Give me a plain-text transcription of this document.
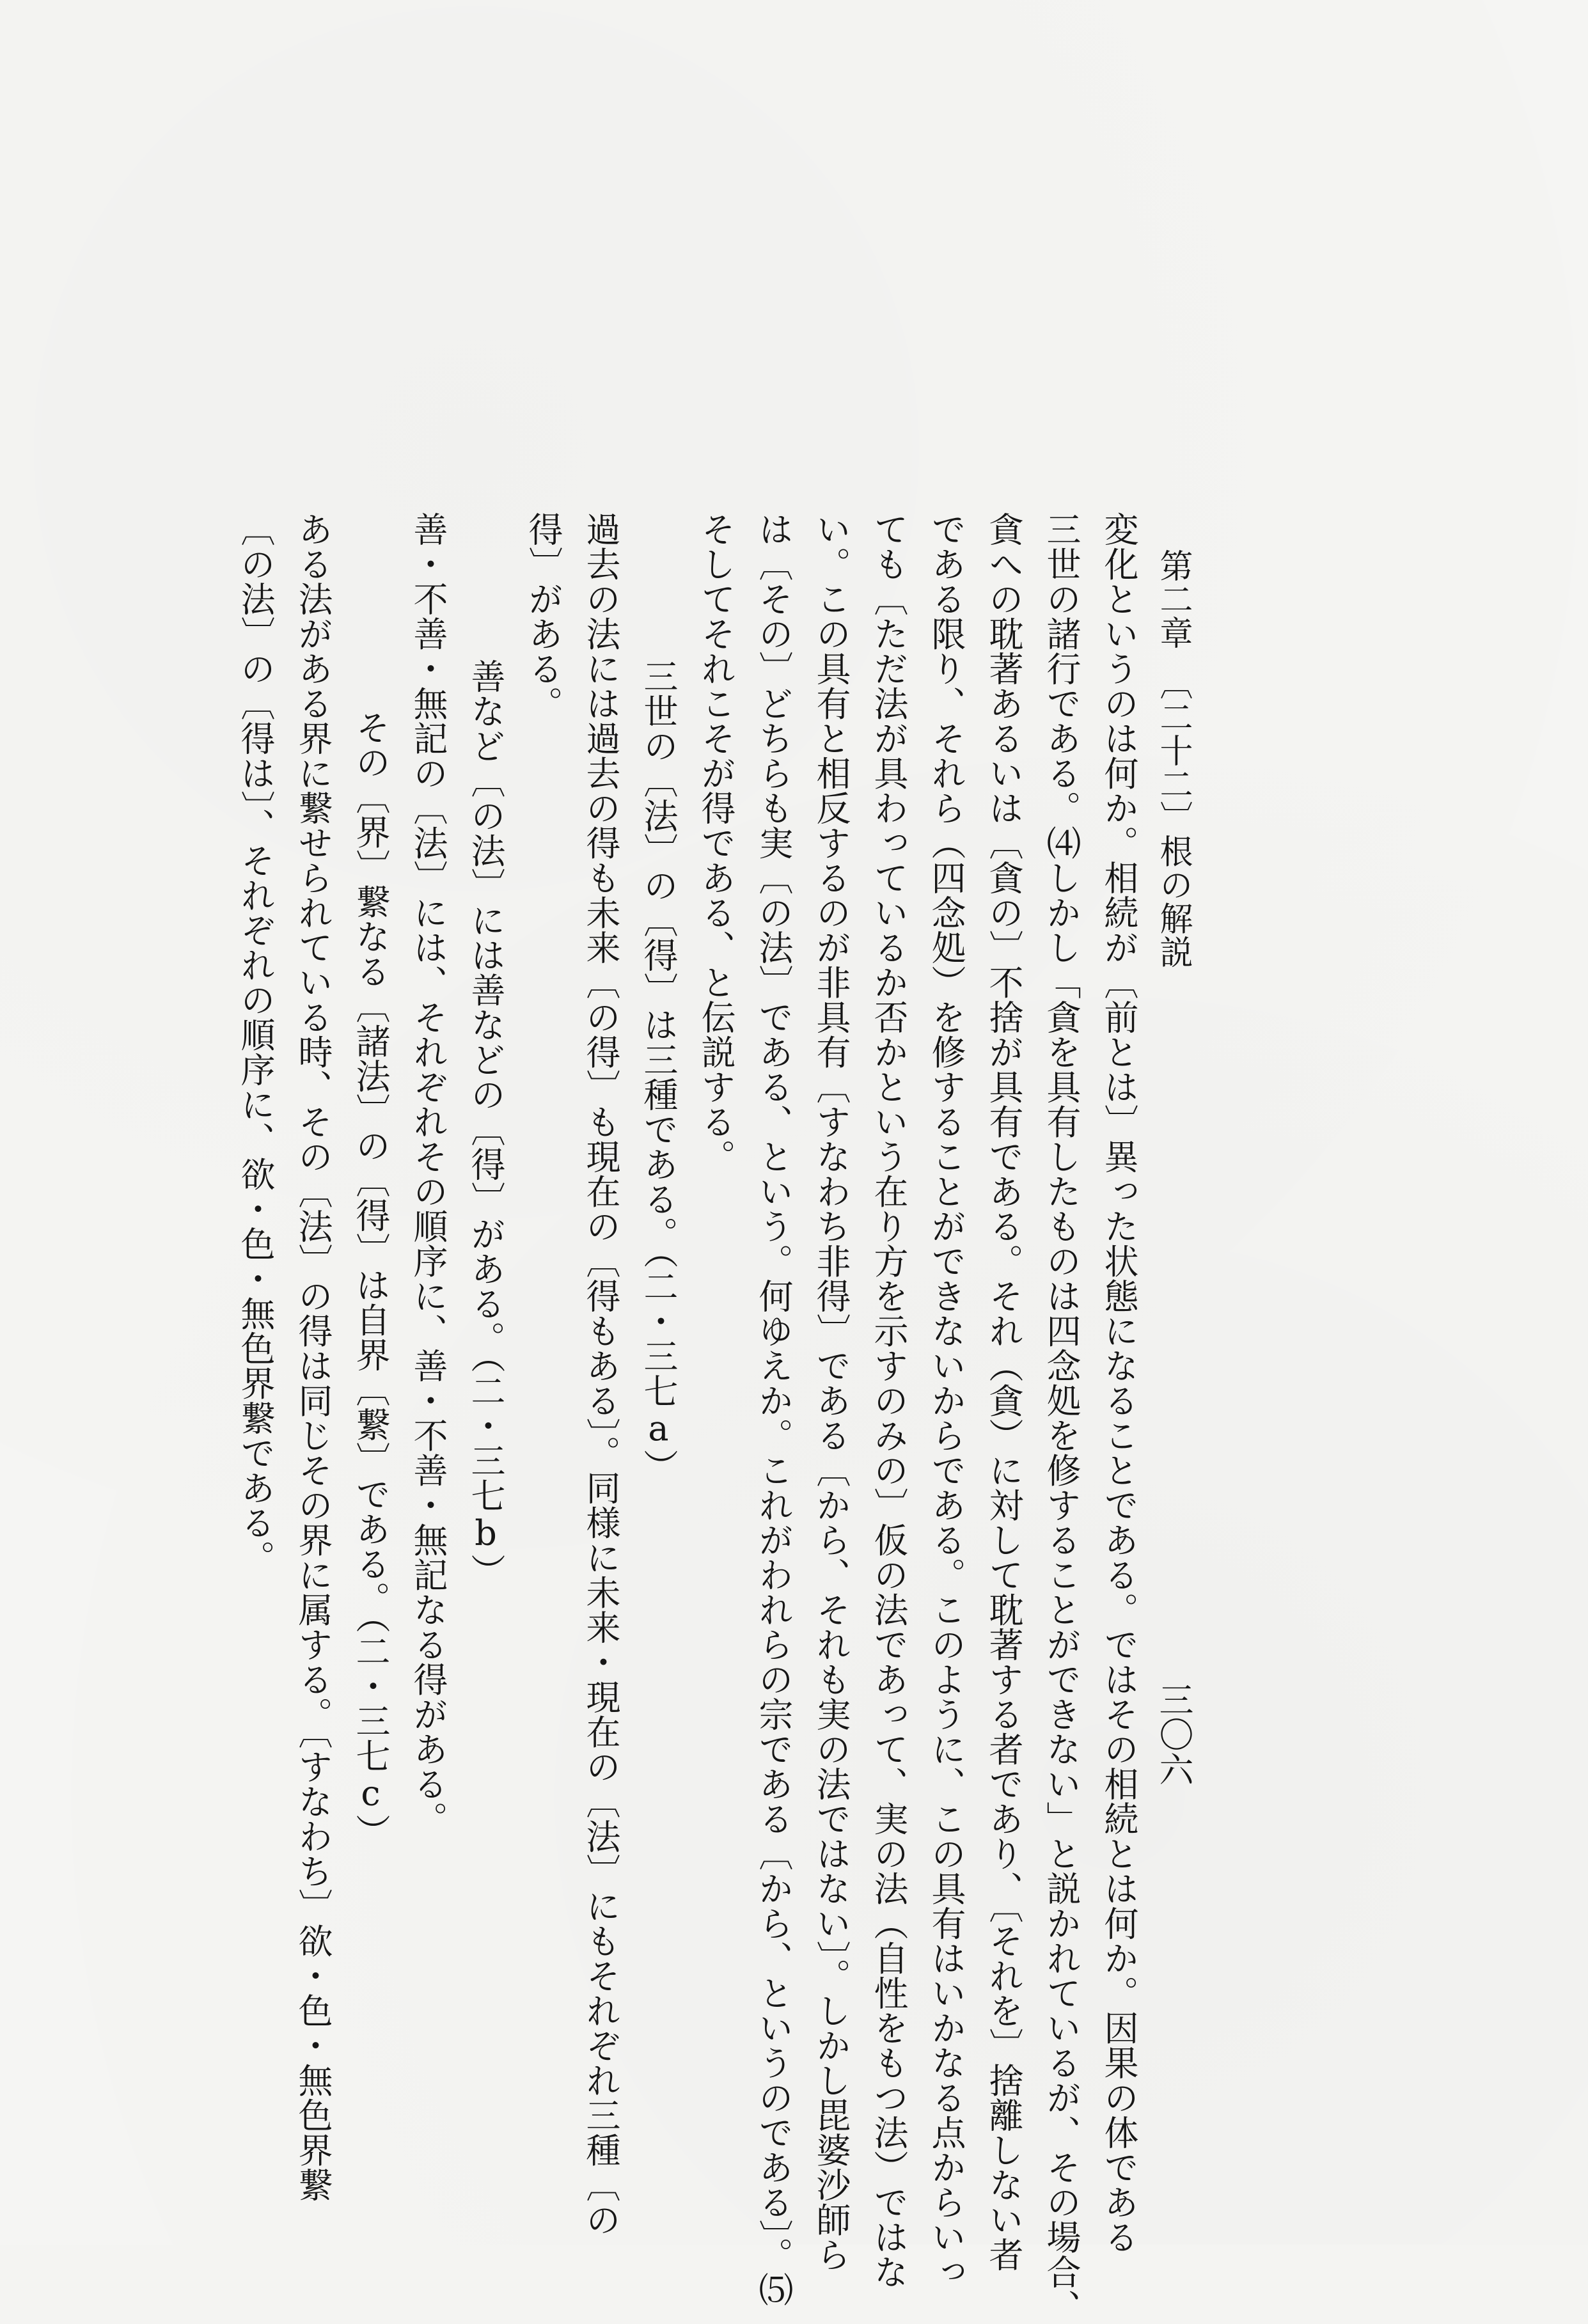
第二章　〔二十二〕根の解説
変化というのは何か。相続が〔前とは〕異った状態になることである。ではその相続とは何か。因果の体である
三世の諸行である。⑷しかし「貪を具有したものは四念処を修することができない」と説かれているが、その場合、
貪への耽著あるいは〔貪の〕不捨が具有である。それ（貪）に対して耽著する者であり、〔それを〕捨離しない者
である限り、それら（四念処）を修することができないからである。このように、この具有はいかなる点からいっ
ても〔ただ法が具わっているか否かという在り方を示すのみの〕仮の法であって、実の法（自性をもつ法）ではな
い。この具有と相反するのが非具有〔すなわち非得〕である〔から、それも実の法ではない〕。しかし毘婆沙師ら
は〔その〕どちらも実〔の法〕である、という。何ゆえか。これがわれらの宗である〔から、というのである〕。⑸
そしてそれこそが得である、と伝説する。
三世の〔法〕の〔得〕は三種である。（二・三七a）
過去の法には過去の得も未来〔の得〕も現在の〔得もある〕。同様に未来・現在の〔法〕にもそれぞれ三種〔の
得〕がある。
善など〔の法〕には善などの〔得〕がある。（二・三七b）
善・不善・無記の〔法〕には、それぞれその順序に、善・不善・無記なる得がある。
その〔界〕繋なる〔諸法〕の〔得〕は自界〔繋〕である。（二・三七c）
ある法がある界に繋せられている時、その〔法〕の得は同じその界に属する。〔すなわち〕欲・色・無色界繋
〔の法〕の〔得は〕、それぞれの順序に、欲・色・無色界繋である。
三〇六
